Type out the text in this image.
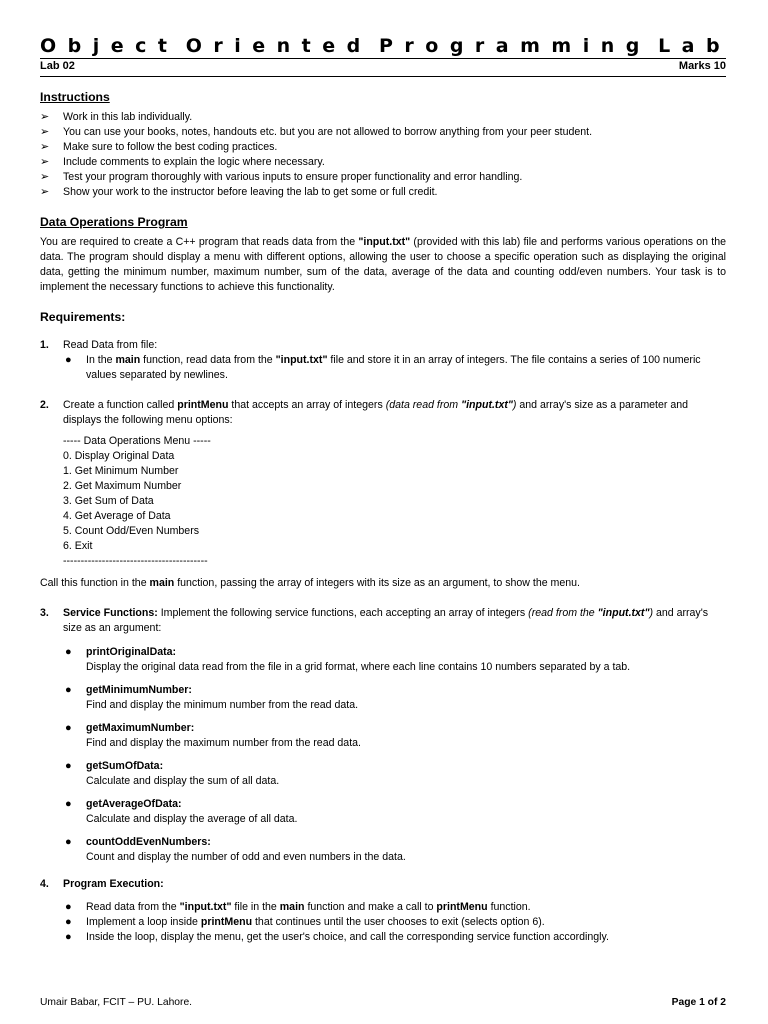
Object Oriented Programming Lab
Lab 02	Marks 10
Instructions
➢ Work in this lab individually.
➢ You can use your books, notes, handouts etc. but you are not allowed to borrow anything from your peer student.
➢ Make sure to follow the best coding practices.
➢ Include comments to explain the logic where necessary.
➢ Test your program thoroughly with various inputs to ensure proper functionality and error handling.
➢ Show your work to the instructor before leaving the lab to get some or full credit.
Data Operations Program

You are required to create a C++ program that reads data from the "input.txt" (provided with this lab) file and performs various operations on the data. The program should display a menu with different options, allowing the user to choose a specific operation such as displaying the original data, getting the minimum number, maximum number, sum of the data, average of the data and counting odd/even numbers. Your task is to implement the necessary functions to achieve this functionality.

Requirements:
1. Read Data from file:
● In the main function, read data from the "input.txt" file and store it in an array of integers. The file contains a series of 100 numeric values separated by newlines.
2. Create a function called printMenu that accepts an array of integers (data read from "input.txt") and array's size as a parameter and displays the following menu options:
----- Data Operations Menu -----
0. Display Original Data
1. Get Minimum Number
2. Get Maximum Number
3. Get Sum of Data
4. Get Average of Data
5. Count Odd/Even Numbers
6. Exit
-----------------------------------------

Call this function in the main function, passing the array of integers with its size as an argument, to show the menu.

3. Service Functions: Implement the following service functions, each accepting an array of integers (read from the "input.txt") and array's size as an argument:
● printOriginalData:
Display the original data read from the file in a grid format, where each line contains 10 numbers separated by a tab.
● getMinimumNumber:
Find and display the minimum number from the read data.
● getMaximumNumber:
Find and display the maximum number from the read data.
● getSumOfData:
Calculate and display the sum of all data.
● getAverageOfData:
Calculate and display the average of all data.
● countOddEvenNumbers:
Count and display the number of odd and even numbers in the data.
4. Program Execution:
● Read data from the "input.txt" file in the main function and make a call to printMenu function.
● Implement a loop inside printMenu that continues until the user chooses to exit (selects option 6).
● Inside the loop, display the menu, get the user's choice, and call the corresponding service function accordingly.
Umair Babar, FCIT – PU. Lahore.	Page 1 of 2
